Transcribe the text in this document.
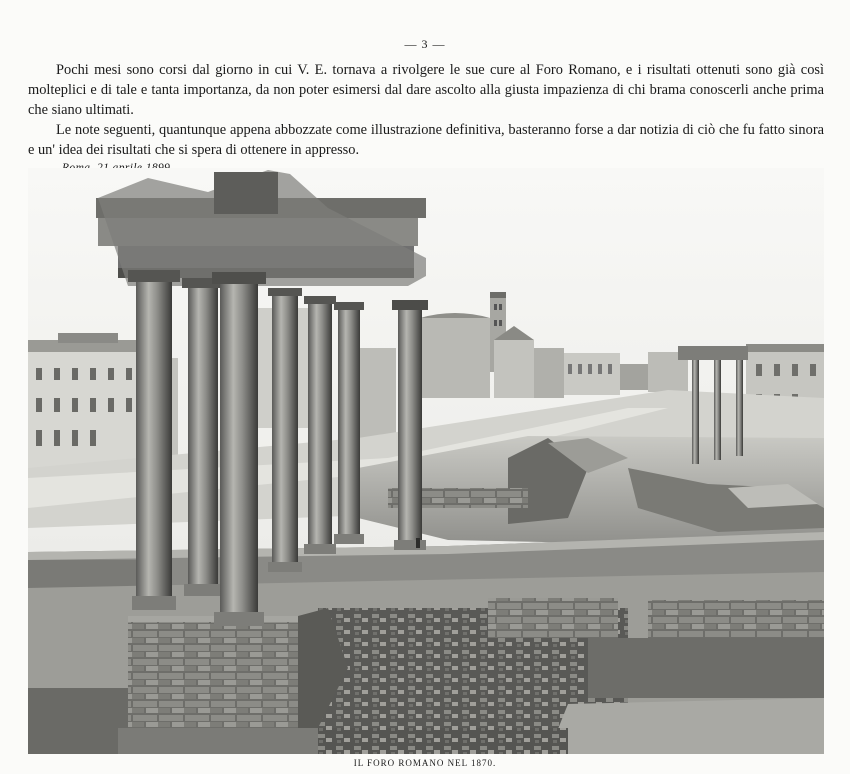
— 3 —

Pochi mesi sono corsi dal giorno in cui V. E. tornava a rivolgere le sue cure al Foro Romano, e i risultati ottenuti sono già così molteplici e di tale e tanta importanza, da non poter esimersi dal dare ascolto alla giusta impazienza di chi brama conoscerli anche prima che siano ultimati.

Le note seguenti, quantunque appena abbozzate come illustrazione definitiva, basteranno forse a dar notizia di ciò che fu fatto sinora e un' idea dei risultati che si spera di ottenere in appresso.

IL FORO ROMANO NEL 1870.
